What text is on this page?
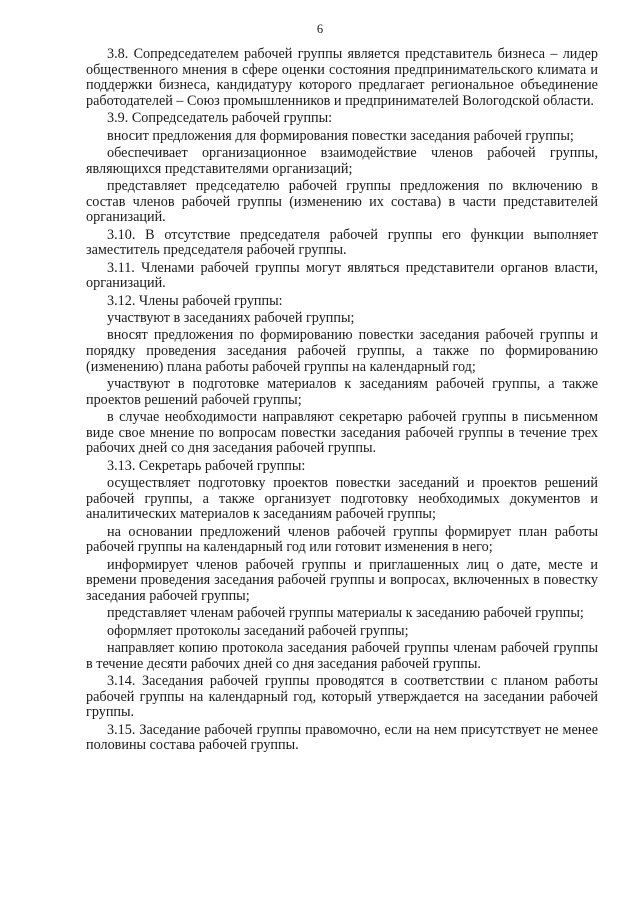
6

3.8. Сопредседателем рабочей группы является представитель бизнеса – лидер общественного мнения в сфере оценки состояния предпринимательского климата и поддержки бизнеса, кандидатуру которого предлагает региональное объединение работодателей – Союз промышленников и предпринимателей Вологодской области.

3.9. Сопредседатель рабочей группы:

вносит предложения для формирования повестки заседания рабочей группы;

обеспечивает организационное взаимодействие членов рабочей группы, являющихся представителями организаций;

представляет председателю рабочей группы предложения по включению в состав членов рабочей группы (изменению их состава) в части представителей организаций.

3.10. В отсутствие председателя рабочей группы его функции выполняет заместитель председателя рабочей группы.

3.11. Членами рабочей группы могут являться представители органов власти, организаций.

3.12. Члены рабочей группы:

участвуют в заседаниях рабочей группы;

вносят предложения по формированию повестки заседания рабочей группы и порядку проведения заседания рабочей группы, а также по формированию (изменению) плана работы рабочей группы на календарный год;

участвуют в подготовке материалов к заседаниям рабочей группы, а также проектов решений рабочей группы;

в случае необходимости направляют секретарю рабочей группы в письменном виде свое мнение по вопросам повестки заседания рабочей группы в течение трех рабочих дней со дня заседания рабочей группы.

3.13. Секретарь рабочей группы:

осуществляет подготовку проектов повестки заседаний и проектов решений рабочей группы, а также организует подготовку необходимых документов и аналитических материалов к заседаниям рабочей группы;

на основании предложений членов рабочей группы формирует план работы рабочей группы на календарный год или готовит изменения в него;

информирует членов рабочей группы и приглашенных лиц о дате, месте и времени проведения заседания рабочей группы и вопросах, включенных в повестку заседания рабочей группы;

представляет членам рабочей группы материалы к заседанию рабочей группы;

оформляет протоколы заседаний рабочей группы;

направляет копию протокола заседания рабочей группы членам рабочей группы в течение десяти рабочих дней со дня заседания рабочей группы.

3.14. Заседания рабочей группы проводятся в соответствии с планом работы рабочей группы на календарный год, который утверждается на заседании рабочей группы.

3.15. Заседание рабочей группы правомочно, если на нем присутствует не менее половины состава рабочей группы.
